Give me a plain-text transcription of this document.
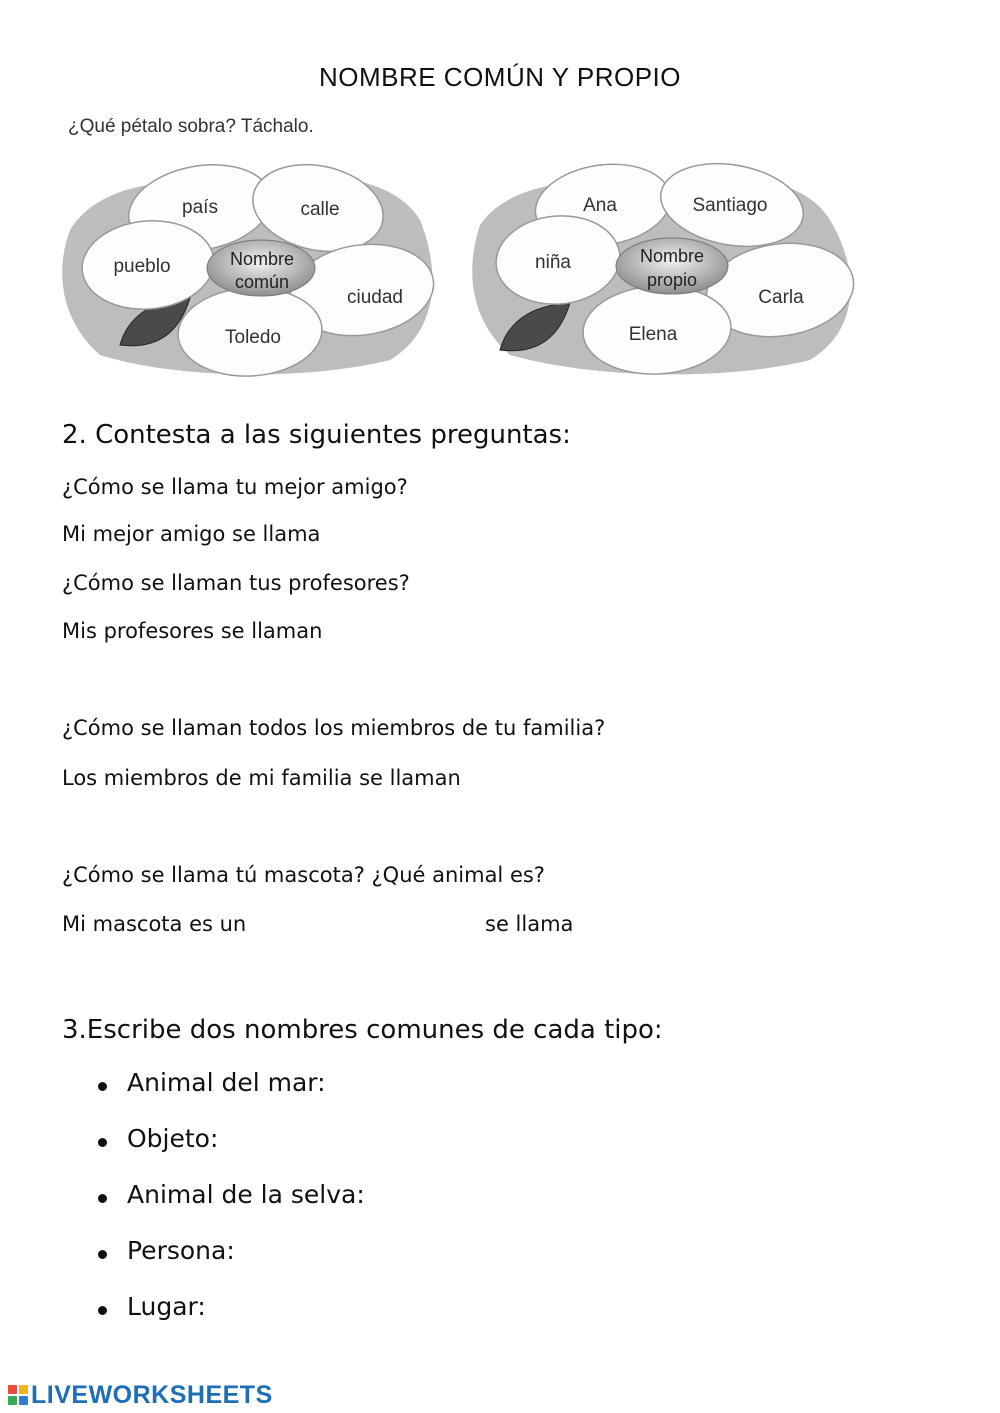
NOMBRE COMÚN Y PROPIO
¿Qué pétalo sobra? Táchalo.
país	calle
pueblo
ciudad
Toledo
Nombre
común
Ana	Santiago
niña
Carla
Elena
Nombre
propio
2. Contesta a las siguientes preguntas:
¿Cómo se llama tu mejor amigo?
Mi mejor amigo se llama
¿Cómo se llaman tus profesores?
Mis profesores se llaman
¿Cómo se llaman todos los miembros de tu familia?
Los miembros de mi familia se llaman
¿Cómo se llama tú mascota? ¿Qué animal es?
Mi mascota es un	se llama
3.Escribe dos nombres comunes de cada tipo:
Animal del mar:
Objeto:
Animal de la selva:
Persona:
Lugar:
LIVEWORKSHEETS
